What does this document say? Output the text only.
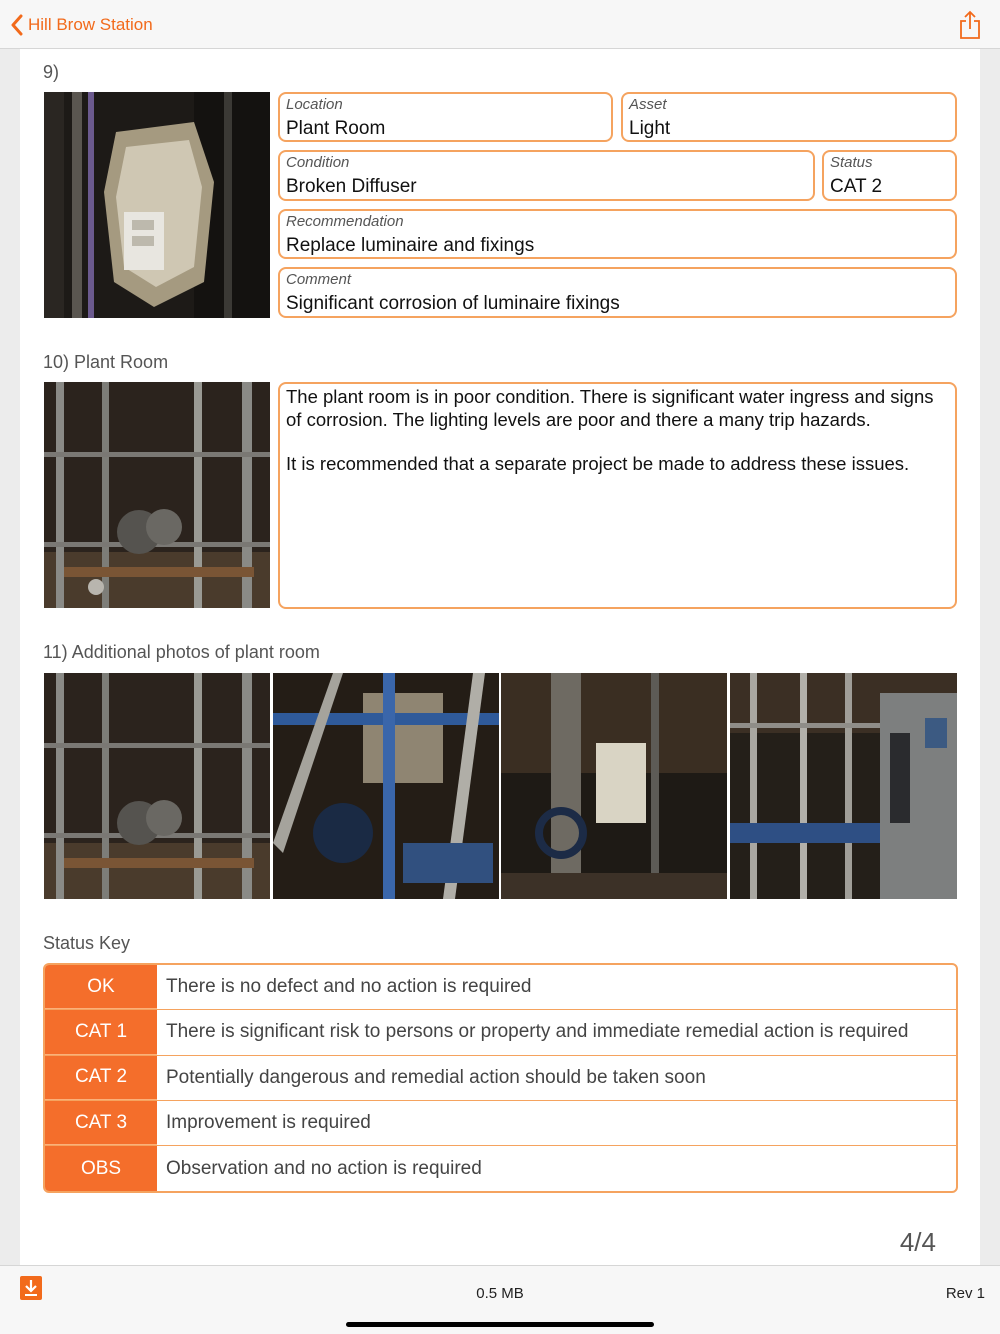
Hill Brow Station
9)
Location
Plant Room
Asset
Light
Condition
Broken Diffuser
Status
CAT 2
Recommendation
Replace luminaire and fixings
Comment
Significant corrosion of luminaire fixings
10) Plant Room

The plant room is in poor condition. There is significant water ingress and signs of corrosion. The lighting levels are poor and there a many trip hazards.

It is recommended that a separate project be made to address these issues.

11) Additional photos of plant room
Status Key
OK	There is no defect and no action is required
CAT 1	There is significant risk to persons or property and immediate remedial action is required
CAT 2	Potentially dangerous and remedial action should be taken soon
CAT 3	Improvement is required
OBS	Observation and no action is required
4/4
0.5 MB	Rev 1
